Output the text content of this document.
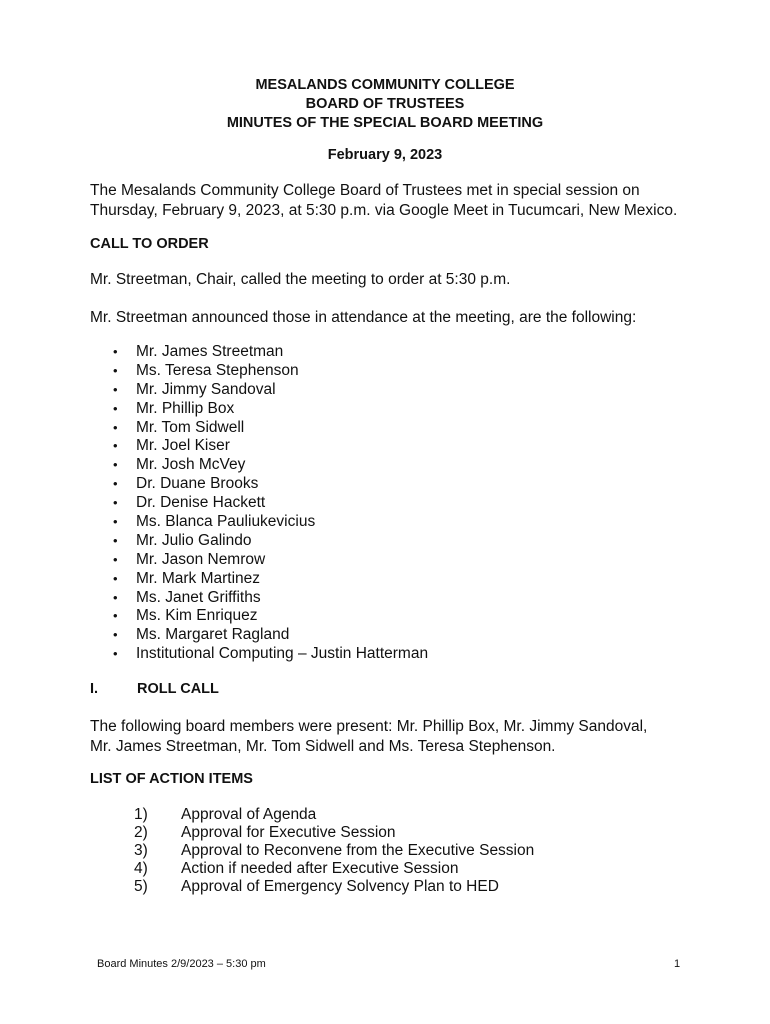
MESALANDS COMMUNITY COLLEGE
BOARD OF TRUSTEES
MINUTES OF THE SPECIAL BOARD MEETING
February 9, 2023
The Mesalands Community College Board of Trustees met in special session on
Thursday, February 9, 2023, at 5:30 p.m. via Google Meet in Tucumcari, New Mexico.
CALL TO ORDER
Mr. Streetman, Chair, called the meeting to order at 5:30 p.m.
Mr. Streetman announced those in attendance at the meeting, are the following:
• Mr. James Streetman
• Ms. Teresa Stephenson
• Mr. Jimmy Sandoval
• Mr. Phillip Box
• Mr. Tom Sidwell
• Mr. Joel Kiser
• Mr. Josh McVey
• Dr. Duane Brooks
• Dr. Denise Hackett
• Ms. Blanca Pauliukevicius
• Mr. Julio Galindo
• Mr. Jason Nemrow
• Mr. Mark Martinez
• Ms. Janet Griffiths
• Ms. Kim Enriquez
• Ms. Margaret Ragland
• Institutional Computing – Justin Hatterman
I.	ROLL CALL
The following board members were present: Mr. Phillip Box, Mr. Jimmy Sandoval,
Mr. James Streetman, Mr. Tom Sidwell and Ms. Teresa Stephenson.
LIST OF ACTION ITEMS
1) Approval of Agenda
2) Approval for Executive Session
3) Approval to Reconvene from the Executive Session
4) Action if needed after Executive Session
5) Approval of Emergency Solvency Plan to HED
Board Minutes 2/9/2023 – 5:30 pm	1
